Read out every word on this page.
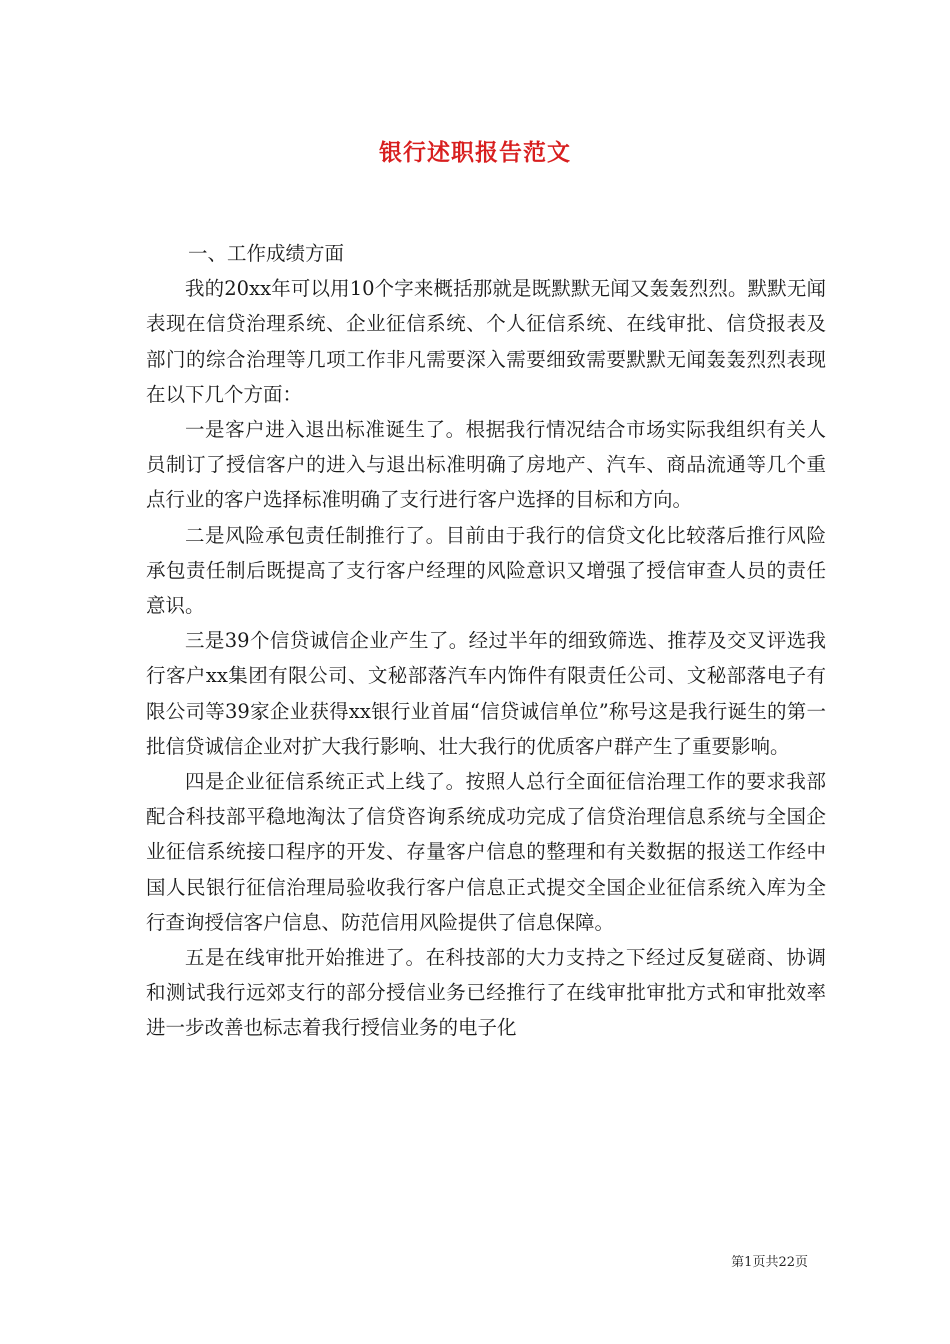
银行述职报告范文

一、工作成绩方面

我的20xx年可以用10个字来概括那就是既默默无闻又轰轰烈烈。默默无闻表现在信贷治理系统、企业征信系统、个人征信系统、在线审批、信贷报表及部门的综合治理等几项工作非凡需要深入需要细致需要默默无闻轰轰烈烈表现在以下几个方面：

一是客户进入退出标准诞生了。根据我行情况结合市场实际我组织有关人员制订了授信客户的进入与退出标准明确了房地产、汽车、商品流通等几个重点行业的客户选择标准明确了支行进行客户选择的目标和方向。

二是风险承包责任制推行了。目前由于我行的信贷文化比较落后推行风险承包责任制后既提高了支行客户经理的风险意识又增强了授信审查人员的责任意识。

三是39个信贷诚信企业产生了。经过半年的细致筛选、推荐及交叉评选我行客户xx集团有限公司、文秘部落汽车内饰件有限责任公司、文秘部落电子有限公司等39家企业获得xx银行业首届“信贷诚信单位”称号这是我行诞生的第一批信贷诚信企业对扩大我行影响、壮大我行的优质客户群产生了重要影响。

四是企业征信系统正式上线了。按照人总行全面征信治理工作的要求我部配合科技部平稳地淘汰了信贷咨询系统成功完成了信贷治理信息系统与全国企业征信系统接口程序的开发、存量客户信息的整理和有关数据的报送工作经中国人民银行征信治理局验收我行客户信息正式提交全国企业征信系统入库为全行查询授信客户信息、防范信用风险提供了信息保障。

五是在线审批开始推进了。在科技部的大力支持之下经过反复磋商、协调和测试我行远郊支行的部分授信业务已经推行了在线审批审批方式和审批效率进一步改善也标志着我行授信业务的电子化

第1页共22页
